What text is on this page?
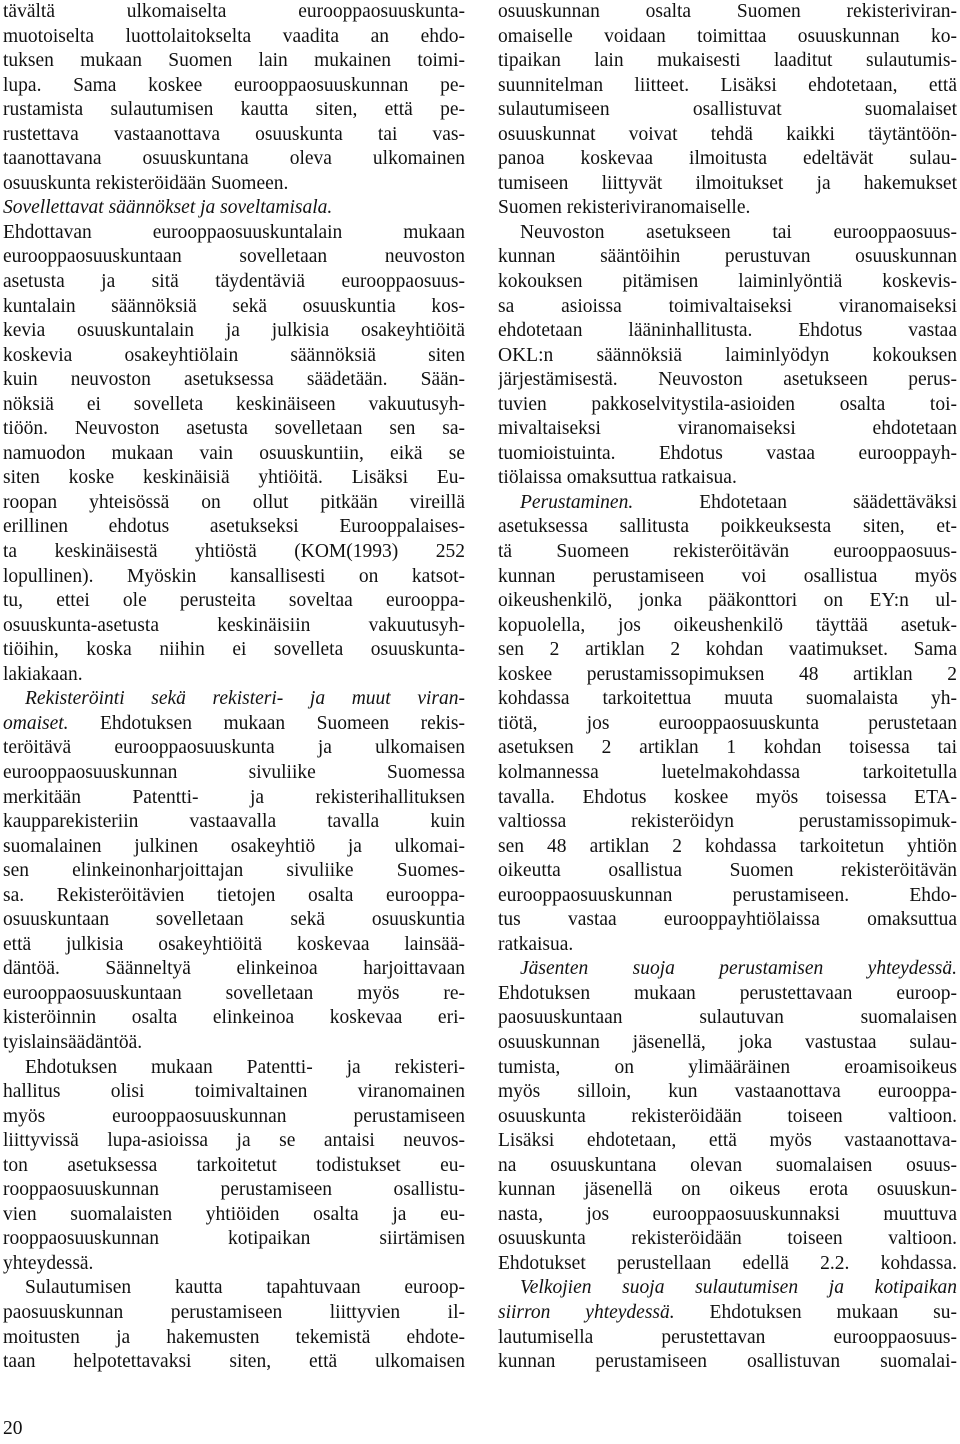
tävältä ulkomaiselta eurooppaosuuskunta-
muotoiselta luottolaitokselta vaadita an ehdo-
tuksen mukaan Suomen lain mukainen toimi-
lupa. Sama koskee eurooppaosuuskunnan pe-
rustamista sulautumisen kautta siten, että pe-
rustettava vastaanottava osuuskunta tai vas-
taanottavana osuuskuntana oleva ulkomainen
osuuskunta rekisteröidään Suomeen.
Sovellettavat säännökset ja soveltamisala.
Ehdottavan eurooppaosuuskuntalain mukaan
eurooppaosuuskuntaan sovelletaan neuvoston
asetusta ja sitä täydentäviä eurooppaosuus-
kuntalain säännöksiä sekä osuuskuntia kos-
kevia osuuskuntalain ja julkisia osakeyhtiöitä
koskevia osakeyhtiölain säännöksiä siten
kuin neuvoston asetuksessa säädetään. Sään-
nöksiä ei sovelleta keskinäiseen vakuutusyh-
tiöön. Neuvoston asetusta sovelletaan sen sa-
namuodon mukaan vain osuuskuntiin, eikä se
siten koske keskinäisiä yhtiöitä. Lisäksi Eu-
roopan yhteisössä on ollut pitkään vireillä
erillinen ehdotus asetukseksi Eurooppalaises-
ta keskinäisestä yhtiöstä (KOM(1993) 252
lopullinen). Myöskin kansallisesti on katsot-
tu, ettei ole perusteita soveltaa eurooppa-
osuuskunta-asetusta keskinäisiin vakuutusyh-
tiöihin, koska niihin ei sovelleta osuuskunta-
lakiakaan.
Rekisteröinti sekä rekisteri- ja muut viran-
omaiset. Ehdotuksen mukaan Suomeen rekis-
teröitävä eurooppaosuuskunta ja ulkomaisen
eurooppaosuuskunnan sivuliike Suomessa
merkitään Patentti- ja rekisterihallituksen
kaupparekisteriin vastaavalla tavalla kuin
suomalainen julkinen osakeyhtiö ja ulkomai-
sen elinkeinonharjoittajan sivuliike Suomes-
sa. Rekisteröitävien tietojen osalta eurooppa-
osuuskuntaan sovelletaan sekä osuuskuntia
että julkisia osakeyhtiöitä koskevaa lainsää-
däntöä. Säänneltyä elinkeinoa harjoittavaan
eurooppaosuuskuntaan sovelletaan myös re-
kisteröinnin osalta elinkeinoa koskevaa eri-
tyislainsäädäntöä.
Ehdotuksen mukaan Patentti- ja rekisteri-
hallitus olisi toimivaltainen viranomainen
myös eurooppaosuuskunnan perustamiseen
liittyvissä lupa-asioissa ja se antaisi neuvos-
ton asetuksessa tarkoitetut todistukset eu-
rooppaosuuskunnan perustamiseen osallistu-
vien suomalaisten yhtiöiden osalta ja eu-
rooppaosuuskunnan kotipaikan siirtämisen
yhteydessä.
Sulautumisen kautta tapahtuvaan euroop-
paosuuskunnan perustamiseen liittyvien il-
moitusten ja hakemusten tekemistä ehdote-
taan helpotettavaksi siten, että ulkomaisen
osuuskunnan osalta Suomen rekisteriviran-
omaiselle voidaan toimittaa osuuskunnan ko-
tipaikan lain mukaisesti laaditut sulautumis-
suunnitelman liitteet. Lisäksi ehdotetaan, että
sulautumiseen osallistuvat suomalaiset
osuuskunnat voivat tehdä kaikki täytäntöön-
panoa koskevaa ilmoitusta edeltävät sulau-
tumiseen liittyvät ilmoitukset ja hakemukset
Suomen rekisteriviranomaiselle.
Neuvoston asetukseen tai eurooppaosuus-
kunnan sääntöihin perustuvan osuuskunnan
kokouksen pitämisen laiminlyöntiä koskevis-
sa asioissa toimivaltaiseksi viranomaiseksi
ehdotetaan lääninhallitusta. Ehdotus vastaa
OKL:n säännöksiä laiminlyödyn kokouksen
järjestämisestä. Neuvoston asetukseen perus-
tuvien pakkoselvitystila-asioiden osalta toi-
mivaltaiseksi viranomaiseksi ehdotetaan
tuomioistuinta. Ehdotus vastaa eurooppayh-
tiölaissa omaksuttua ratkaisua.
Perustaminen. Ehdotetaan säädettäväksi
asetuksessa sallitusta poikkeuksesta siten, et-
tä Suomeen rekisteröitävän eurooppaosuus-
kunnan perustamiseen voi osallistua myös
oikeushenkilö, jonka pääkonttori on EY:n ul-
kopuolella, jos oikeushenkilö täyttää asetuk-
sen 2 artiklan 2 kohdan vaatimukset. Sama
koskee perustamissopimuksen 48 artiklan 2
kohdassa tarkoitettua muuta suomalaista yh-
tiötä, jos eurooppaosuuskunta perustetaan
asetuksen 2 artiklan 1 kohdan toisessa tai
kolmannessa luetelmakohdassa tarkoitetulla
tavalla. Ehdotus koskee myös toisessa ETA-
valtiossa rekisteröidyn perustamissopimuk-
sen 48 artiklan 2 kohdassa tarkoitetun yhtiön
oikeutta osallistua Suomen rekisteröitävän
eurooppaosuuskunnan perustamiseen. Ehdo-
tus vastaa eurooppayhtiölaissa omaksuttua
ratkaisua.
Jäsenten suoja perustamisen yhteydessä.
Ehdotuksen mukaan perustettavaan euroop-
paosuuskuntaan sulautuvan suomalaisen
osuuskunnan jäsenellä, joka vastustaa sulau-
tumista, on ylimääräinen eroamisoikeus
myös silloin, kun vastaanottava eurooppa-
osuuskunta rekisteröidään toiseen valtioon.
Lisäksi ehdotetaan, että myös vastaanottava-
na osuuskuntana olevan suomalaisen osuus-
kunnan jäsenellä on oikeus erota osuuskun-
nasta, jos eurooppaosuuskunnaksi muuttuva
osuuskunta rekisteröidään toiseen valtioon.
Ehdotukset perustellaan edellä 2.2. kohdassa.
Velkojien suoja sulautumisen ja kotipaikan
siirron yhteydessä. Ehdotuksen mukaan su-
lautumisella perustettavan eurooppaosuus-
kunnan perustamiseen osallistuvan suomalai-
20
